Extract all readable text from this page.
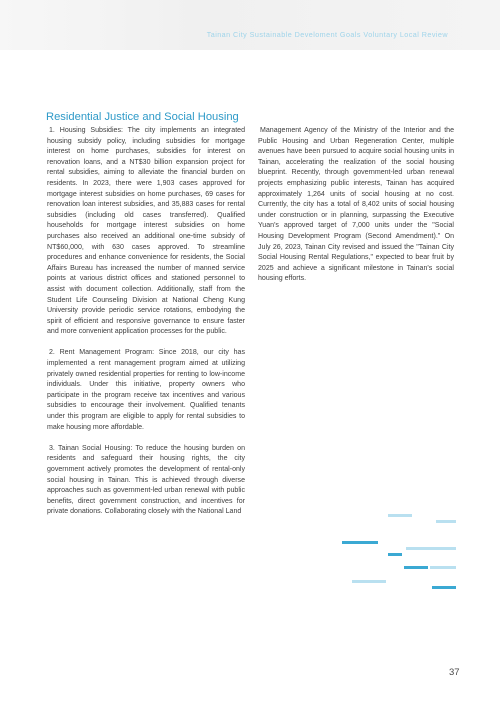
Tainan City Sustainable Develoment Goals Voluntary Local Review
Residential Justice and Social Housing

1. Housing Subsidies: The city implements an integrated housing subsidy policy, including subsidies for mortgage interest on home purchases, subsidies for interest on renovation loans, and a NT$30 billion expansion project for rental subsidies, aiming to alleviate the financial burden on residents. In 2023, there were 1,903 cases approved for mortgage interest subsidies on home purchases, 69 cases for renovation loan interest subsidies, and 35,883 cases for rental subsidies (including old cases transferred). Qualified households for mortgage interest subsidies on home purchases also received an additional one-time subsidy of NT$60,000, with 630 cases approved. To streamline procedures and enhance convenience for residents, the Social Affairs Bureau has increased the number of manned service points at various district offices and stationed personnel to assist with document collection. Additionally, staff from the Student Life Counseling Division at National Cheng Kung University provide periodic service rotations, embodying the spirit of efficient and responsive governance to ensure faster and more convenient application processes for the public.

2. Rent Management Program: Since 2018, our city has implemented a rent management program aimed at utilizing privately owned residential properties for renting to low-income individuals. Under this initiative, property owners who participate in the program receive tax incentives and various subsidies to encourage their involvement. Qualified tenants under this program are eligible to apply for rental subsidies to make housing more affordable.

3. Tainan Social Housing: To reduce the housing burden on residents and safeguard their housing rights, the city government actively promotes the development of rental-only social housing in Tainan. This is achieved through diverse approaches such as government-led urban renewal with public benefits, direct government construction, and incentives for private donations. Collaborating closely with the National Land

Management Agency of the Ministry of the Interior and the Public Housing and Urban Regeneration Center, multiple avenues have been pursued to acquire social housing units in Tainan, accelerating the realization of the social housing blueprint. Recently, through government-led urban renewal projects emphasizing public interests, Tainan has acquired approximately 1,264 units of social housing at no cost. Currently, the city has a total of 8,402 units of social housing under construction or in planning, surpassing the Executive Yuan's approved target of 7,000 units under the "Social Housing Development Program (Second Amendment)." On July 26, 2023, Tainan City revised and issued the "Tainan City Social Housing Rental Regulations," expected to bear fruit by 2025 and achieve a significant milestone in Tainan's social housing efforts.

37
